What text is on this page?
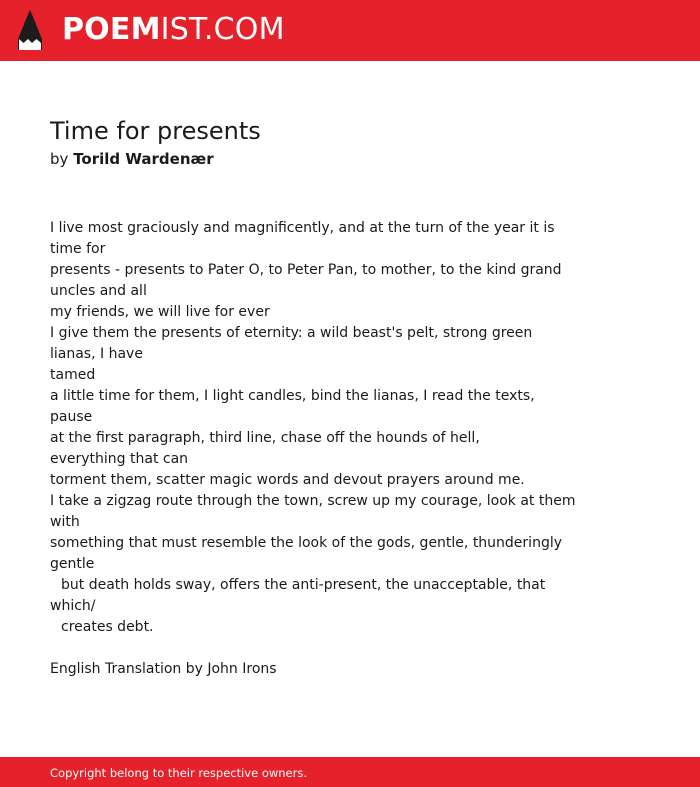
POEMIST.COM
Time for presents
by Torild Wardenær
I live most graciously and magnificently, and at the turn of the year it is
time for
presents - presents to Pater O, to Peter Pan, to mother, to the kind grand
uncles and all
my friends, we will live for ever
I give them the presents of eternity: a wild beast's pelt, strong green
lianas, I have
tamed
a little time for them, I light candles, bind the lianas, I read the texts,
pause
at the first paragraph, third line, chase off the hounds of hell,
everything that can
torment them, scatter magic words and devout prayers around me.
I take a zigzag route through the town, screw up my courage, look at them
with
something that must resemble the look of the gods, gentle, thunderingly
gentle
but death holds sway, offers the anti-present, the unacceptable, that
which/
creates debt.
English Translation by John Irons
Copyright belong to their respective owners.
